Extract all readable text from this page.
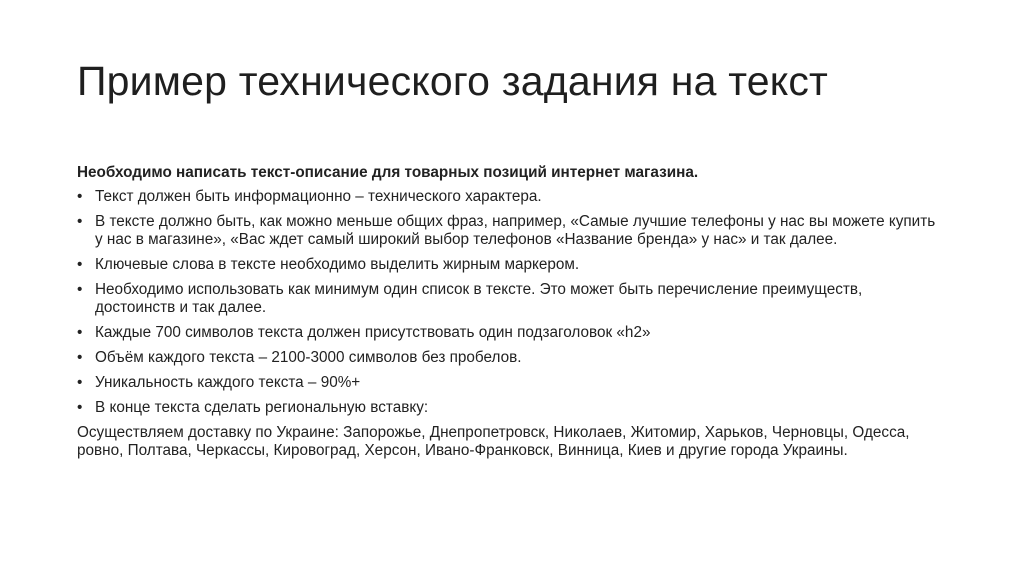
Пример технического задания на текст

Необходимо написать текст-описание для товарных позиций интернет магазина.

• Текст должен быть информационно – технического характера.
• В тексте должно быть, как можно меньше общих фраз, например, «Самые лучшие телефоны у нас вы можете купить у нас в магазине», «Вас ждет самый широкий выбор телефонов «Название бренда» у нас» и так далее.
• Ключевые слова в тексте необходимо выделить жирным маркером.
• Необходимо использовать как минимум один список в тексте. Это может быть перечисление преимуществ, достоинств и так далее.
• Каждые 700 символов текста должен присутствовать один подзаголовок «h2»
• Объём каждого текста – 2100-3000 символов без пробелов.
• Уникальность каждого текста – 90%+
• В конце текста сделать региональную вставку:

Осуществляем доставку по Украине: Запорожье, Днепропетровск, Николаев, Житомир, Харьков, Черновцы, Одесса, ровно, Полтава, Черкассы, Кировоград, Херсон, Ивано-Франковск, Винница, Киев и другие города Украины.
